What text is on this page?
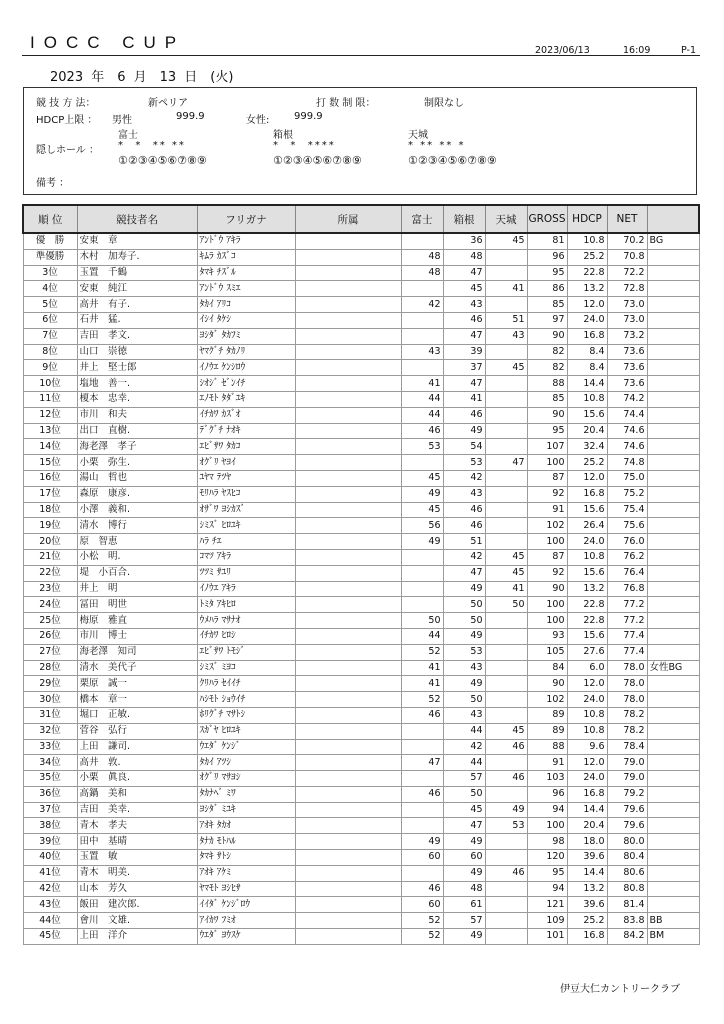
IOCC CUP	2023/06/13	16:09	P-1
2023 年　6 月　13 日　(火)
競 技 方 法：	新ペリア	打 数 制 限：	制限なし
HDCP上限 ： 男性	999.9	女性: 999.9
隠しホール ：
富士
*  *  ** **
①②③④⑤⑥⑦⑧⑨
箱根
*  *  ****
①②③④⑤⑥⑦⑧⑨
天城
* ** ** *
①②③④⑤⑥⑦⑧⑨
備考 ：
順 位	競技者名	フリガナ	所属	富士	箱根	天城	GROSS	HDCP	NET	
優　勝	安東　章	ｱﾝﾄﾞｳ ｱｷﾗ			36	45	81	10.8	70.2	BG
準優勝	木村　加寿子.	ｷﾑﾗ ｶｽﾞｺ		48	48		96	25.2	70.8	
3位	玉置　千鶴	ﾀﾏｷ ﾁｽﾞﾙ		48	47		95	22.8	72.2	
4位	安東　純江	ｱﾝﾄﾞｳ ｽﾐｴ			45	41	86	13.2	72.8	
5位	高井　有子.	ﾀｶｲ ｱﾘｺ		42	43		85	12.0	73.0	
6位	石井　猛.	ｲｼｲ ﾀｹｼ			46	51	97	24.0	73.0	
7位	吉田　孝文.	ﾖｼﾀﾞ ﾀｶﾌﾐ			47	43	90	16.8	73.2	
8位	山口　崇徳	ﾔﾏｸﾞﾁ ﾀｶﾉﾘ		43	39		82	8.4	73.6	
9位	井上　堅士郎	ｲﾉｳｴ ｹﾝｼﾛｳ			37	45	82	8.4	73.6	
10位	塩地　善一.	ｼｵｼﾞ ｾﾞﾝｲﾁ		41	47		88	14.4	73.6	
11位	榎本　忠幸.	ｴﾉﾓﾄ ﾀﾀﾞﾕｷ		44	41		85	10.8	74.2	
12位	市川　和夫	ｲﾁｶﾜ ｶｽﾞｵ		44	46		90	15.6	74.4	
13位	出口　直樹.	ﾃﾞｸﾞﾁ ﾅｵｷ		46	49		95	20.4	74.6	
14位	海老澤　孝子	ｴﾋﾞｻﾜ ﾀｶｺ		53	54		107	32.4	74.6	
15位	小栗　弥生.	ｵｸﾞﾘ ﾔﾖｲ			53	47	100	25.2	74.8	
16位	湯山　哲也	ﾕﾔﾏ ﾃﾂﾔ		45	42		87	12.0	75.0	
17位	森原　康彦.	ﾓﾘﾊﾗ ﾔｽﾋｺ		49	43		92	16.8	75.2	
18位	小澤　義和.	ｵｻﾞﾜ ﾖｼｶｽﾞ		45	46		91	15.6	75.4	
19位	清水　博行	ｼﾐｽﾞ ﾋﾛﾕｷ		56	46		102	26.4	75.6	
20位	原　智恵	ﾊﾗ ﾁｴ		49	51		100	24.0	76.0	
21位	小松　明.	ｺﾏﾂ ｱｷﾗ			42	45	87	10.8	76.2	
22位	堤　小百合.	ﾂﾂﾐ ｻﾕﾘ			47	45	92	15.6	76.4	
23位	井上　明	ｲﾉｳｴ ｱｷﾗ			49	41	90	13.2	76.8	
24位	冨田　明世	ﾄﾐﾀ ｱｷﾋﾛ			50	50	100	22.8	77.2	
25位	梅原　雅直	ｳﾒﾊﾗ ﾏｻﾅｵ		50	50		100	22.8	77.2	
26位	市川　博士	ｲﾁｶﾜ ﾋﾛｼ		44	49		93	15.6	77.4	
27位	海老澤　知司	ｴﾋﾞｻﾜ ﾄﾓｼﾞ		52	53		105	27.6	77.4	
28位	清水　美代子	ｼﾐｽﾞ ﾐﾖｺ		41	43		84	6.0	78.0	女性BG
29位	栗原　誠一	ｸﾘﾊﾗ ｾｲｲﾁ		41	49		90	12.0	78.0	
30位	橋本　章一	ﾊｼﾓﾄ ｼｮｳｲﾁ		52	50		102	24.0	78.0	
31位	堀口　正敏.	ﾎﾘｸﾞﾁ ﾏｻﾄｼ		46	43		89	10.8	78.2	
32位	菅谷　弘行	ｽｶﾞﾔ ﾋﾛﾕｷ			44	45	89	10.8	78.2	
33位	上田　謙司.	ｳｴﾀﾞ ｹﾝｼﾞ			42	46	88	9.6	78.4	
34位	高井　敦.	ﾀｶｲ ｱﾂｼ		47	44		91	12.0	79.0	
35位	小栗　眞良.	ｵｸﾞﾘ ﾏｻﾖｼ			57	46	103	24.0	79.0	
36位	高鍋　美和	ﾀｶﾅﾍﾞ ﾐﾜ		46	50		96	16.8	79.2	
37位	吉田　美幸.	ﾖｼﾀﾞ ﾐﾕｷ			45	49	94	14.4	79.6	
38位	青木　孝夫	ｱｵｷ ﾀｶｵ			47	53	100	20.4	79.6	
39位	田中　基晴	ﾀﾅｶ ﾓﾄﾊﾙ		49	49		98	18.0	80.0	
40位	玉置　敏	ﾀﾏｷ ｻﾄｼ		60	60		120	39.6	80.4	
41位	青木　明美.	ｱｵｷ ｱｹﾐ			49	46	95	14.4	80.6	
42位	山本　芳久	ﾔﾏﾓﾄ ﾖｼﾋｻ		46	48		94	13.2	80.8	
43位	飯田　建次郎.	ｲｲﾀﾞ ｹﾝｼﾞﾛｳ		60	61		121	39.6	81.4	
44位	會川　文雄.	ｱｲｶﾜ ﾌﾐｵ		52	57		109	25.2	83.8	BB
45位	上田　洋介	ｳｴﾀﾞ ﾖｳｽｹ		52	49		101	16.8	84.2	BM
伊豆大仁カントリークラブ
